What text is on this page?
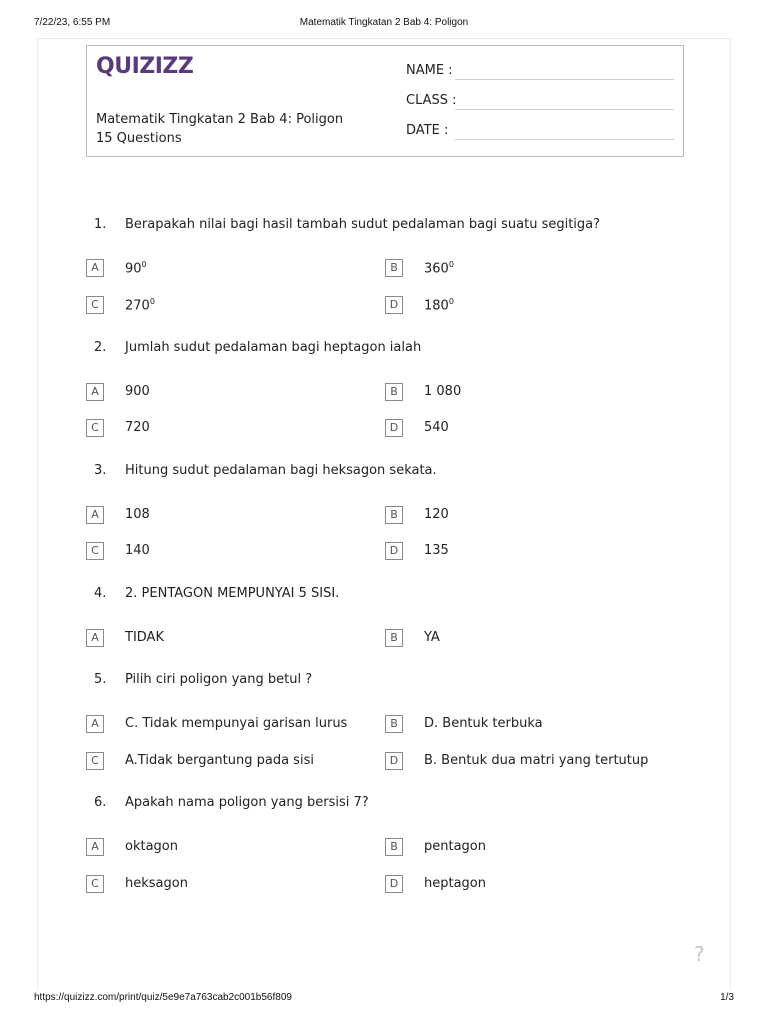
7/22/23, 6:55 PM	Matematik Tingkatan 2 Bab 4: Poligon
QUIZIZZ
Matematik Tingkatan 2 Bab 4: Poligon
15 Questions
NAME :
CLASS :
DATE :
1. Berapakah nilai bagi hasil tambah sudut pedalaman bagi suatu segitiga?
A	$90^0$	B	$360^0$
C	$270^0$	D	$180^0$
2. Jumlah sudut pedalaman bagi heptagon ialah
A	900	B	1 080
C	720	D	540
3. Hitung sudut pedalaman bagi heksagon sekata.
A	108	B	120
C	140	D	135
4. 2. PENTAGON MEMPUNYAI 5 SISI.
A	TIDAK	B	YA
5. Pilih ciri poligon yang betul ?
A	C. Tidak mempunyai garisan lurus	B	D. Bentuk terbuka
C	A.Tidak bergantung pada sisi	D	B. Bentuk dua matri yang tertutup
6. Apakah nama poligon yang bersisi 7?
A	oktagon	B	pentagon
C	heksagon	D	heptagon
?
https://quizizz.com/print/quiz/5e9e7a763cab2c001b56f809	1/3
